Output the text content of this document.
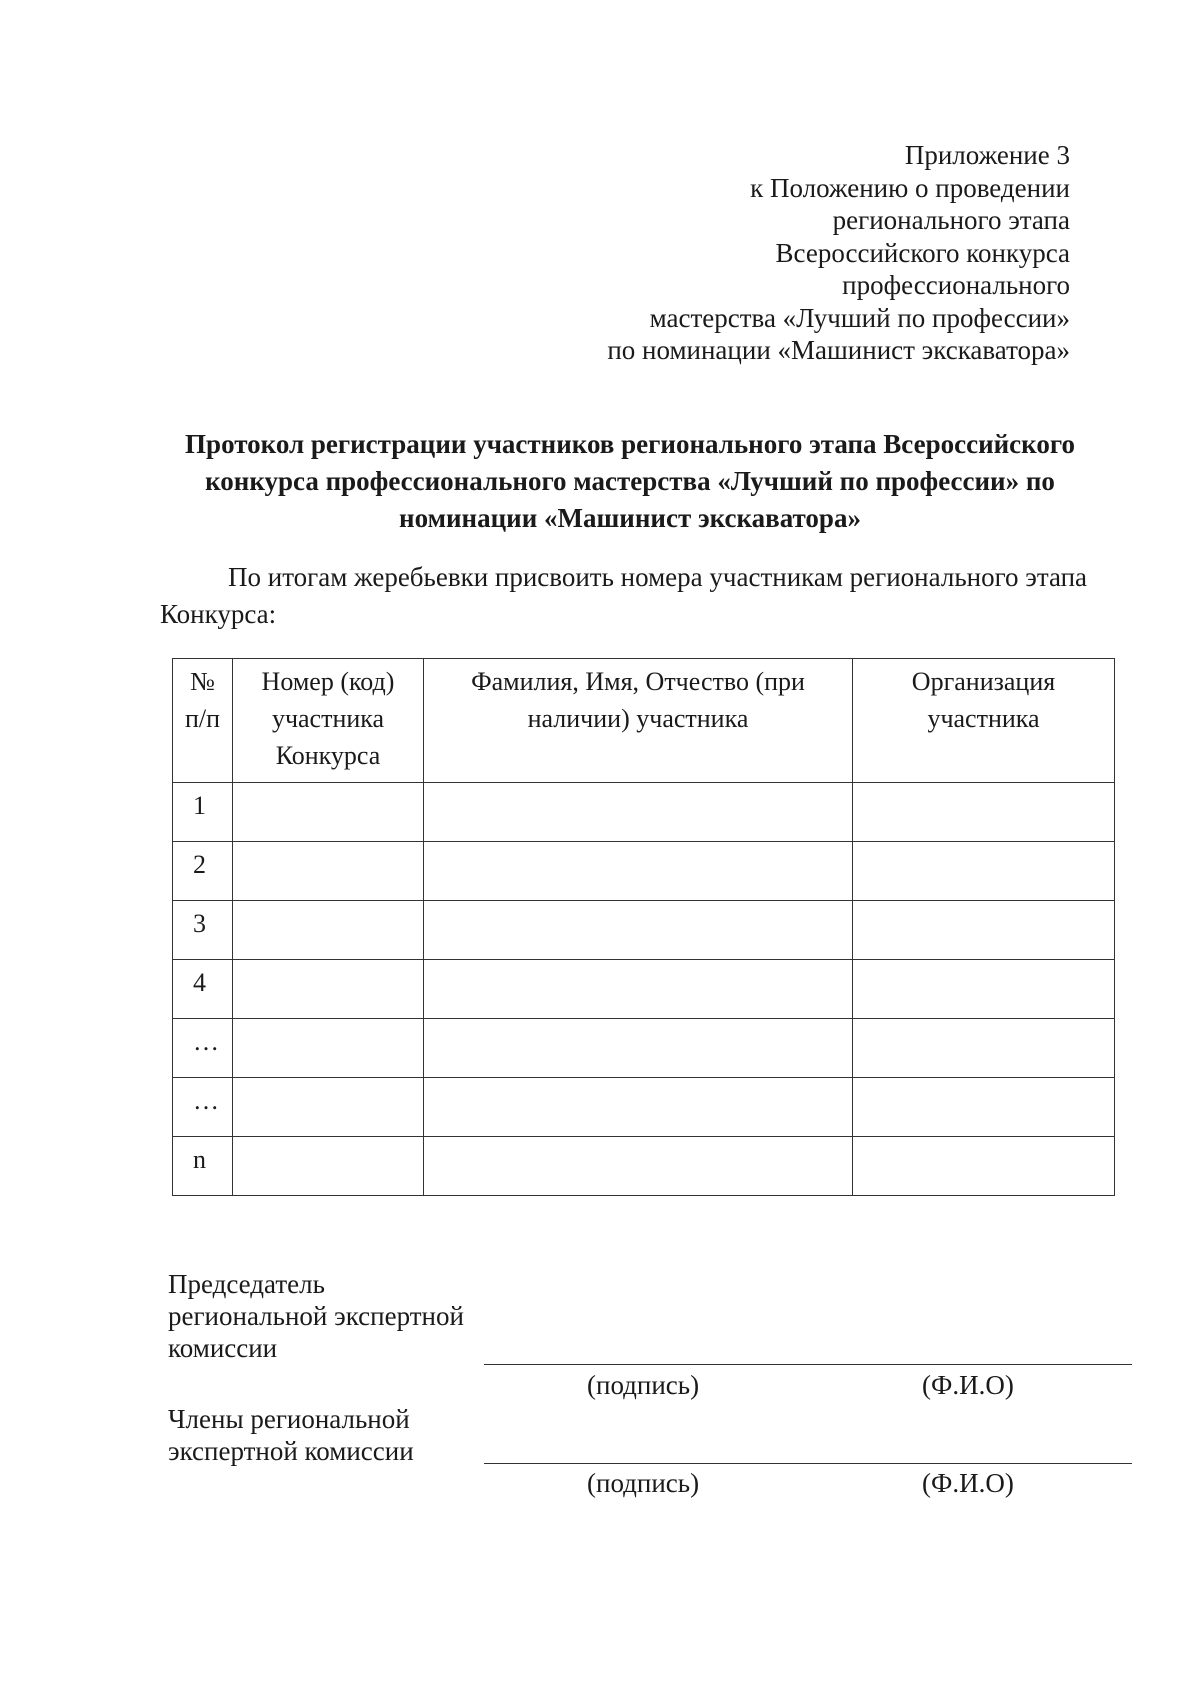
Приложение 3
к Положению о проведении
регионального этапа
Всероссийского конкурса
профессионального
мастерства «Лучший по профессии»
по номинации «Машинист экскаватора»
Протокол регистрации участников регионального этапа Всероссийского
конкурса профессионального мастерства «Лучший по профессии» по
номинации «Машинист экскаватора»
По итогам жеребьевки присвоить номера участникам регионального этапа
Конкурса:
№ п/п	Номер (код) участника Конкурса	Фамилия, Имя, Отчество (при наличии) участника	Организация участника
1			
2			
3			
4			
…			
…			
n			
Председатель
региональной экспертной
комиссии
(подпись)	(Ф.И.О)
Члены региональной
экспертной комиссии
(подпись)	(Ф.И.О)
